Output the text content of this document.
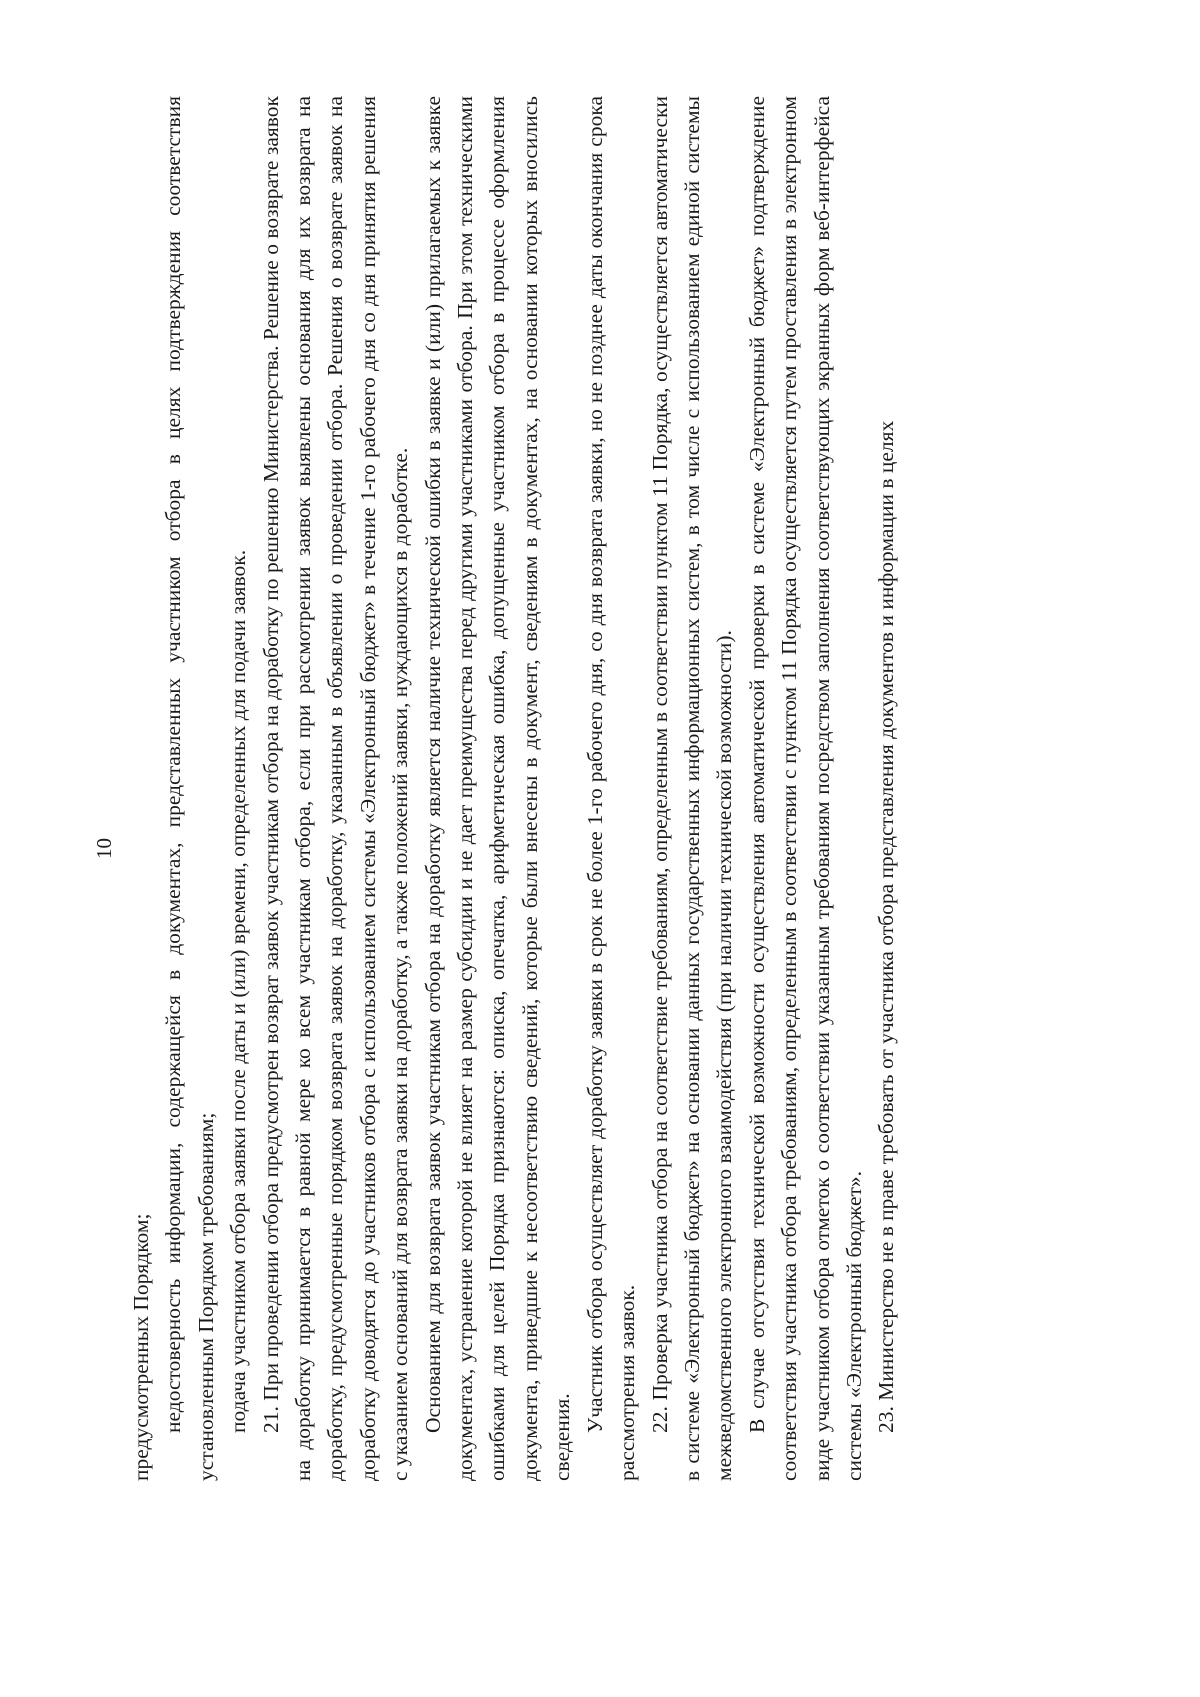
10

предусмотренных Порядком; недостоверность информации, содержащейся в документах, представленных участником отбора в целях подтверждения соответствия установленным Порядком требованиям; подача участником отбора заявки после даты и (или) времени, определенных для подачи заявок. 21. При проведении отбора предусмотрен возврат заявок участникам отбора на доработку по решению Министерства. Решение о возврате заявок на доработку принимается в равной мере ко всем участникам отбора, если при рассмотрении заявок выявлены основания для их возврата на доработку, предусмотренные порядком возврата заявок на доработку, указанным в объявлении о проведении отбора. Решения о возврате заявок на доработку доводятся до участников отбора с использованием системы «Электронный бюджет» в течение 1-го рабочего дня со дня принятия решения с указанием оснований для возврата заявки на доработку, а также положений заявки, нуждающихся в доработке. Основанием для возврата заявок участникам отбора на доработку является наличие технической ошибки в заявке и (или) прилагаемых к заявке документах, устранение которой не влияет на размер субсидии и не дает преимущества перед другими участниками отбора. При этом техническими ошибками для целей Порядка признаются: описка, опечатка, арифметическая ошибка, допущенные участником отбора в процессе оформления документа, приведшие к несоответствию сведений, которые были внесены в документ, сведениям в документах, на основании которых вносились сведения.

Участник отбора осуществляет доработку заявки в срок не более 1-го рабочего дня, со дня возврата заявки, но не позднее даты окончания срока рассмотрения заявок. 22. Проверка участника отбора на соответствие требованиям, определенным в соответствии пунктом 11 Порядка, осуществляется автоматически в системе «Электронный бюджет» на основании данных государственных информационных систем, в том числе с использованием единой системы межведомственного электронного взаимодействия (при наличии технической возможности). В случае отсутствия технической возможности осуществления автоматической проверки в системе «Электронный бюджет» подтверждение соответствия участника отбора требованиям, определенным в соответствии с пунктом 11 Порядка осуществляется путем проставления в электронном виде участником отбора отметок о соответствии указанным требованиям посредством заполнения соответствующих экранных форм веб-интерфейса системы «Электронный бюджет». 23. Министерство не в праве требовать от участника отбора представления документов и информации в целях
